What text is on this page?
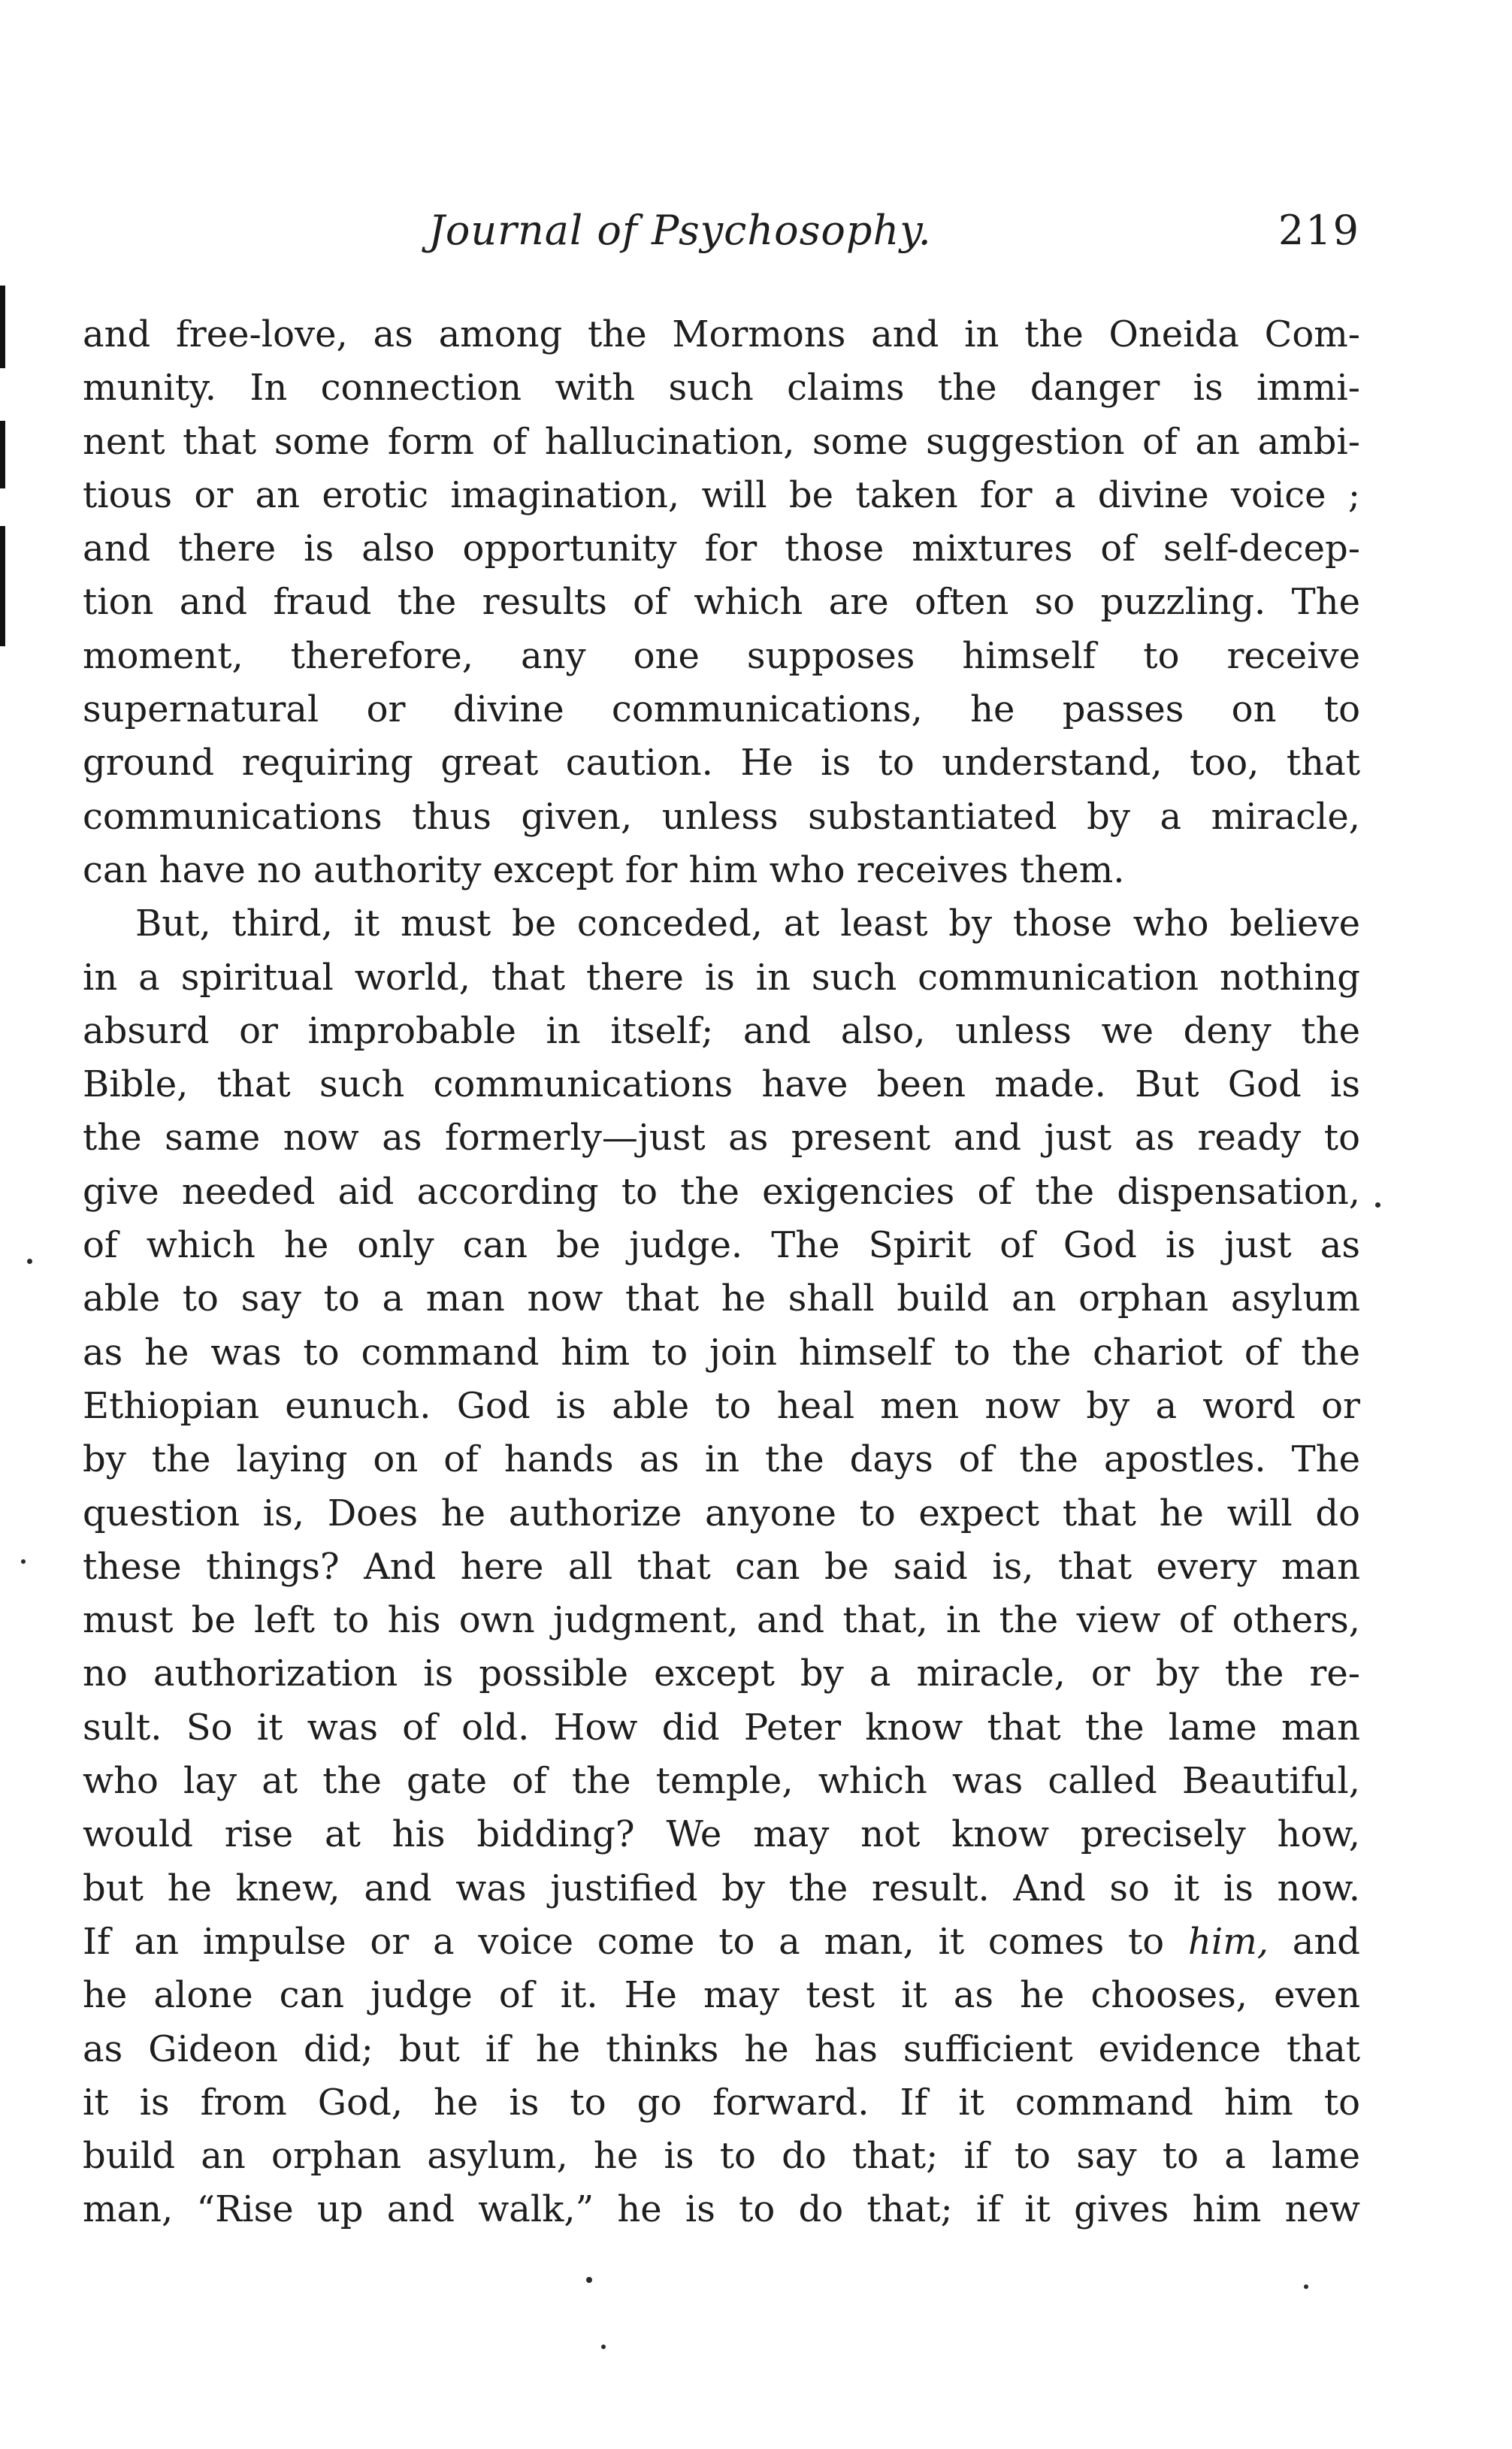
Journal of Psychosophy.	219
and free-love, as among the Mormons and in the Oneida Com-
munity. In connection with such claims the danger is immi-
nent that some form of hallucination, some suggestion of an ambi-
tious or an erotic imagination, will be taken for a divine voice ;
and there is also opportunity for those mixtures of self-decep-
tion and fraud the results of which are often so puzzling. The
moment, therefore, any one supposes himself to receive
supernatural or divine communications, he passes on to
ground requiring great caution. He is to understand, too, that
communications thus given, unless substantiated by a miracle,
can have no authority except for him who receives them.
But, third, it must be conceded, at least by those who believe
in a spiritual world, that there is in such communication nothing
absurd or improbable in itself; and also, unless we deny the
Bible, that such communications have been made. But God is
the same now as formerly—just as present and just as ready to
give needed aid according to the exigencies of the dispensation,
of which he only can be judge. The Spirit of God is just as
able to say to a man now that he shall build an orphan asylum
as he was to command him to join himself to the chariot of the
Ethiopian eunuch. God is able to heal men now by a word or
by the laying on of hands as in the days of the apostles. The
question is, Does he authorize anyone to expect that he will do
these things? And here all that can be said is, that every man
must be left to his own judgment, and that, in the view of others,
no authorization is possible except by a miracle, or by the re-
sult. So it was of old. How did Peter know that the lame man
who lay at the gate of the temple, which was called Beautiful,
would rise at his bidding? We may not know precisely how,
but he knew, and was justified by the result. And so it is now.
If an impulse or a voice come to a man, it comes to him, and
he alone can judge of it. He may test it as he chooses, even
as Gideon did; but if he thinks he has sufficient evidence that
it is from God, he is to go forward. If it command him to
build an orphan asylum, he is to do that; if to say to a lame
man, “Rise up and walk,” he is to do that; if it gives him new
